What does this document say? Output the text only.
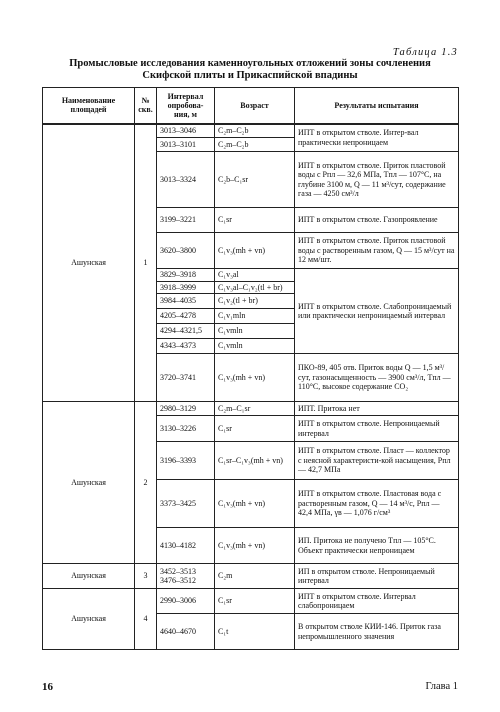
Таблица 1.3
Промысловые исследования каменноугольных отложений зоны сочленения
Скифской плиты и Прикаспийской впадины
Наименование площадей	№ скв.	Интервал опробова-ния, м	Возраст	Результаты испытания
Ашунская	1	3013–3046	C₂m–C₂b	ИПТ в открытом стволе. Интер-вал практически непроницаем
		3013–3101	C₂m–C₂b	
		3013–3324	C₂b–C₁sr	ИПТ в открытом стволе. Приток пластовой воды с Pпл — 32,6 МПа, Tпл — 107°С, на глубине 3100 м, Q — 11 м³/сут, содержание газа — 4250 см³/л
		3199–3221	C₁sr	ИПТ в открытом стволе. Газопроявление
		3620–3800	C₁v₃(mh + vn)	ИПТ в открытом стволе. Приток пластовой воды с растворенным газом, Q — 15 м³/сут на 12 мм/шт.
		3829–3918	C₁v₃al	ИПТ в открытом стволе. Слабопроницаемый или практически непроницаемый интервал
		3918–3999	C₁v₃al–C₁v₂(tl + br)	
		3984–4035	C₁v₂(tl + br)	
		4205–4278	C₁v₁mln	
		4294–4321,5	C₁vmln	
		4343–4373	C₁vmln	
		3720–3741	C₁v₃(mh + vn)	ПКО-89, 405 отв. Приток воды Q — 1,5 м³/сут, газонасыщенность — 3900 см³/л, Tпл — 110°С, высокое содержание CO₂
Ашунская	2	2980–3129	C₂m–C₁sr	ИПТ. Притока нет
		3130–3226	C₁sr	ИПТ в открытом стволе. Непроницаемый интервал
		3196–3393	C₁sr–C₁v₃(mh + vn)	ИПТ в открытом стволе. Пласт — коллектор с неясной характеристи-кой насыщения, Pпл — 42,7 МПа
		3373–3425	C₁v₃(mh + vn)	ИПТ в открытом стволе. Пластовая вода с растворенным газом, Q — 14 м³/с, Pпл — 42,4 МПа, γв — 1,076 г/см³
		4130–4182	C₁v₃(mh + vn)	ИП. Притока не получено Tпл — 105°С. Объект практически непроницаем
Ашунская	3	3452–3513 3476–3512	C₂m	ИП в открытом стволе. Непроницаемый интервал
Ашунская	4	2990–3006	C₁sr	ИПТ в открытом стволе. Интервал слабопроницаем
		4640–4670	C₁t	В открытом стволе КИИ-146. Приток газа непромышленного значения
16	Глава 1
